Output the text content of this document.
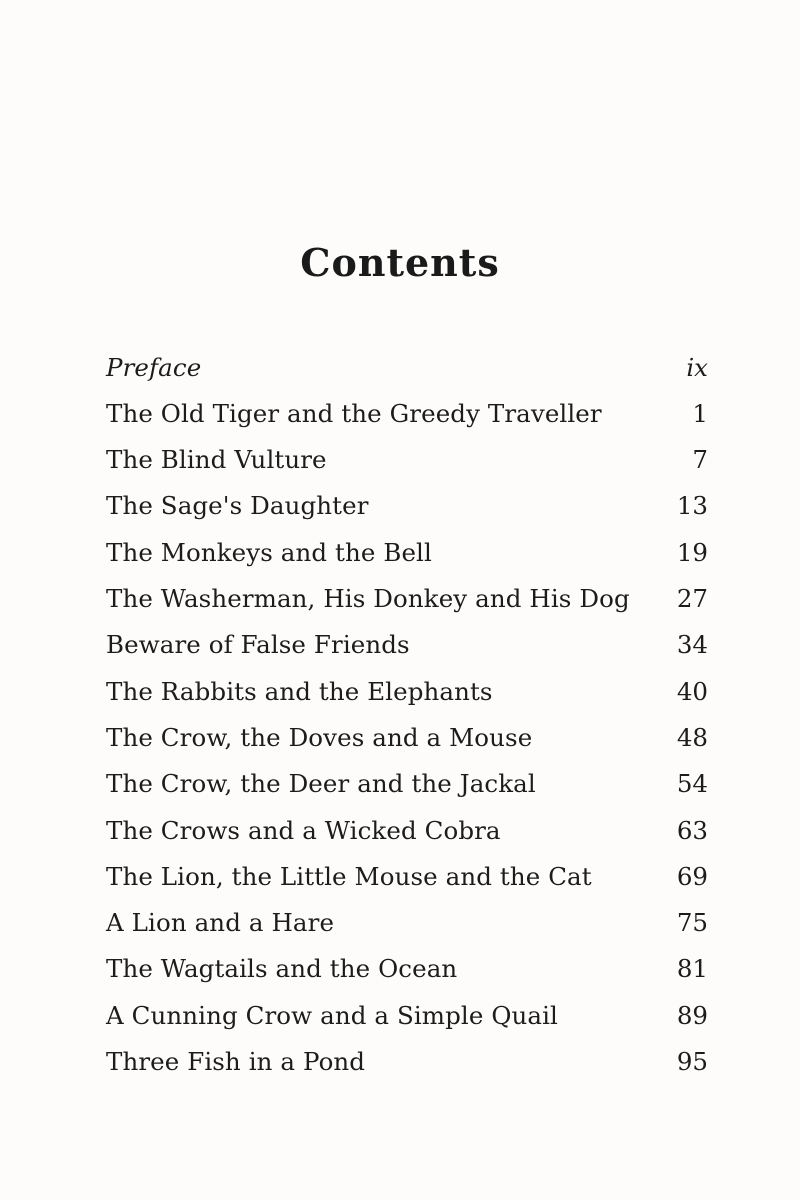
Contents
Preface	ix
The Old Tiger and the Greedy Traveller	1
The Blind Vulture	7
The Sage's Daughter	13
The Monkeys and the Bell	19
The Washerman, His Donkey and His Dog	27
Beware of False Friends	34
The Rabbits and the Elephants	40
The Crow, the Doves and a Mouse	48
The Crow, the Deer and the Jackal	54
The Crows and a Wicked Cobra	63
The Lion, the Little Mouse and the Cat	69
A Lion and a Hare	75
The Wagtails and the Ocean	81
A Cunning Crow and a Simple Quail	89
Three Fish in a Pond	95
